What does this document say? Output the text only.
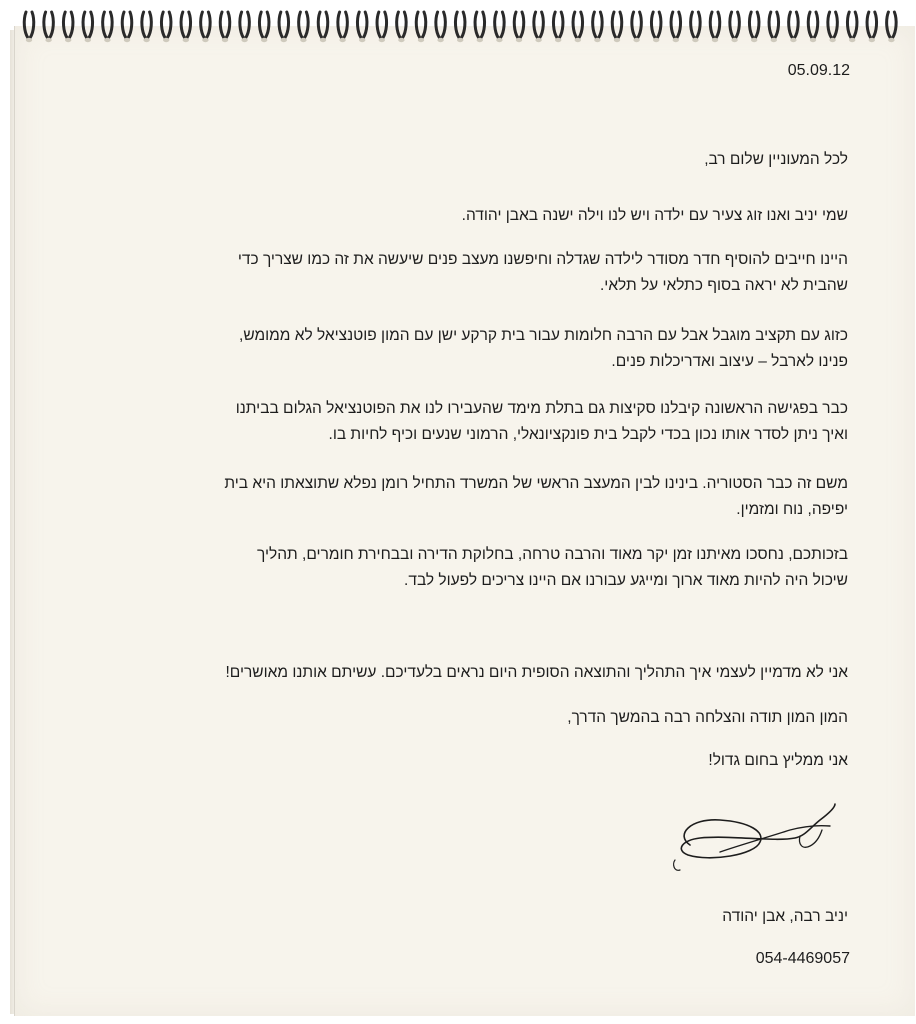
05.09.12
לכל המעוניין שלום רב,
שמי יניב ואנו זוג צעיר עם ילדה ויש לנו וילה ישנה באבן יהודה.
היינו חייבים להוסיף חדר מסודר לילדה שגדלה וחיפשנו מעצב פנים שיעשה את זה כמו שצריך כדי
שהבית לא יראה בסוף כתלאי על תלאי.
כזוג עם תקציב מוגבל אבל עם הרבה חלומות עבור בית קרקע ישן עם המון פוטנציאל לא ממומש,
פנינו לארבל – עיצוב ואדריכלות פנים.
כבר בפגישה הראשונה קיבלנו סקיצות גם בתלת מימד שהעבירו לנו את הפוטנציאל הגלום בביתנו
ואיך ניתן לסדר אותו נכון בכדי לקבל בית פונקציונאלי, הרמוני שנעים וכיף לחיות בו.
משם זה כבר הסטוריה. בינינו לבין המעצב הראשי של המשרד התחיל רומן נפלא שתוצאתו היא בית
יפיפה, נוח ומזמין.
בזכותכם, נחסכו מאיתנו זמן יקר מאוד והרבה טרחה, בחלוקת הדירה ובבחירת חומרים, תהליך
שיכול היה להיות מאוד ארוך ומייגע עבורנו אם היינו צריכים לפעול לבד.
אני לא מדמיין לעצמי איך התהליך והתוצאה הסופית היום נראים בלעדיכם. עשיתם אותנו מאושרים!
המון המון תודה והצלחה רבה בהמשך הדרך,
אני ממליץ בחום גדול!
יניב רבה, אבן יהודה
054-4469057
